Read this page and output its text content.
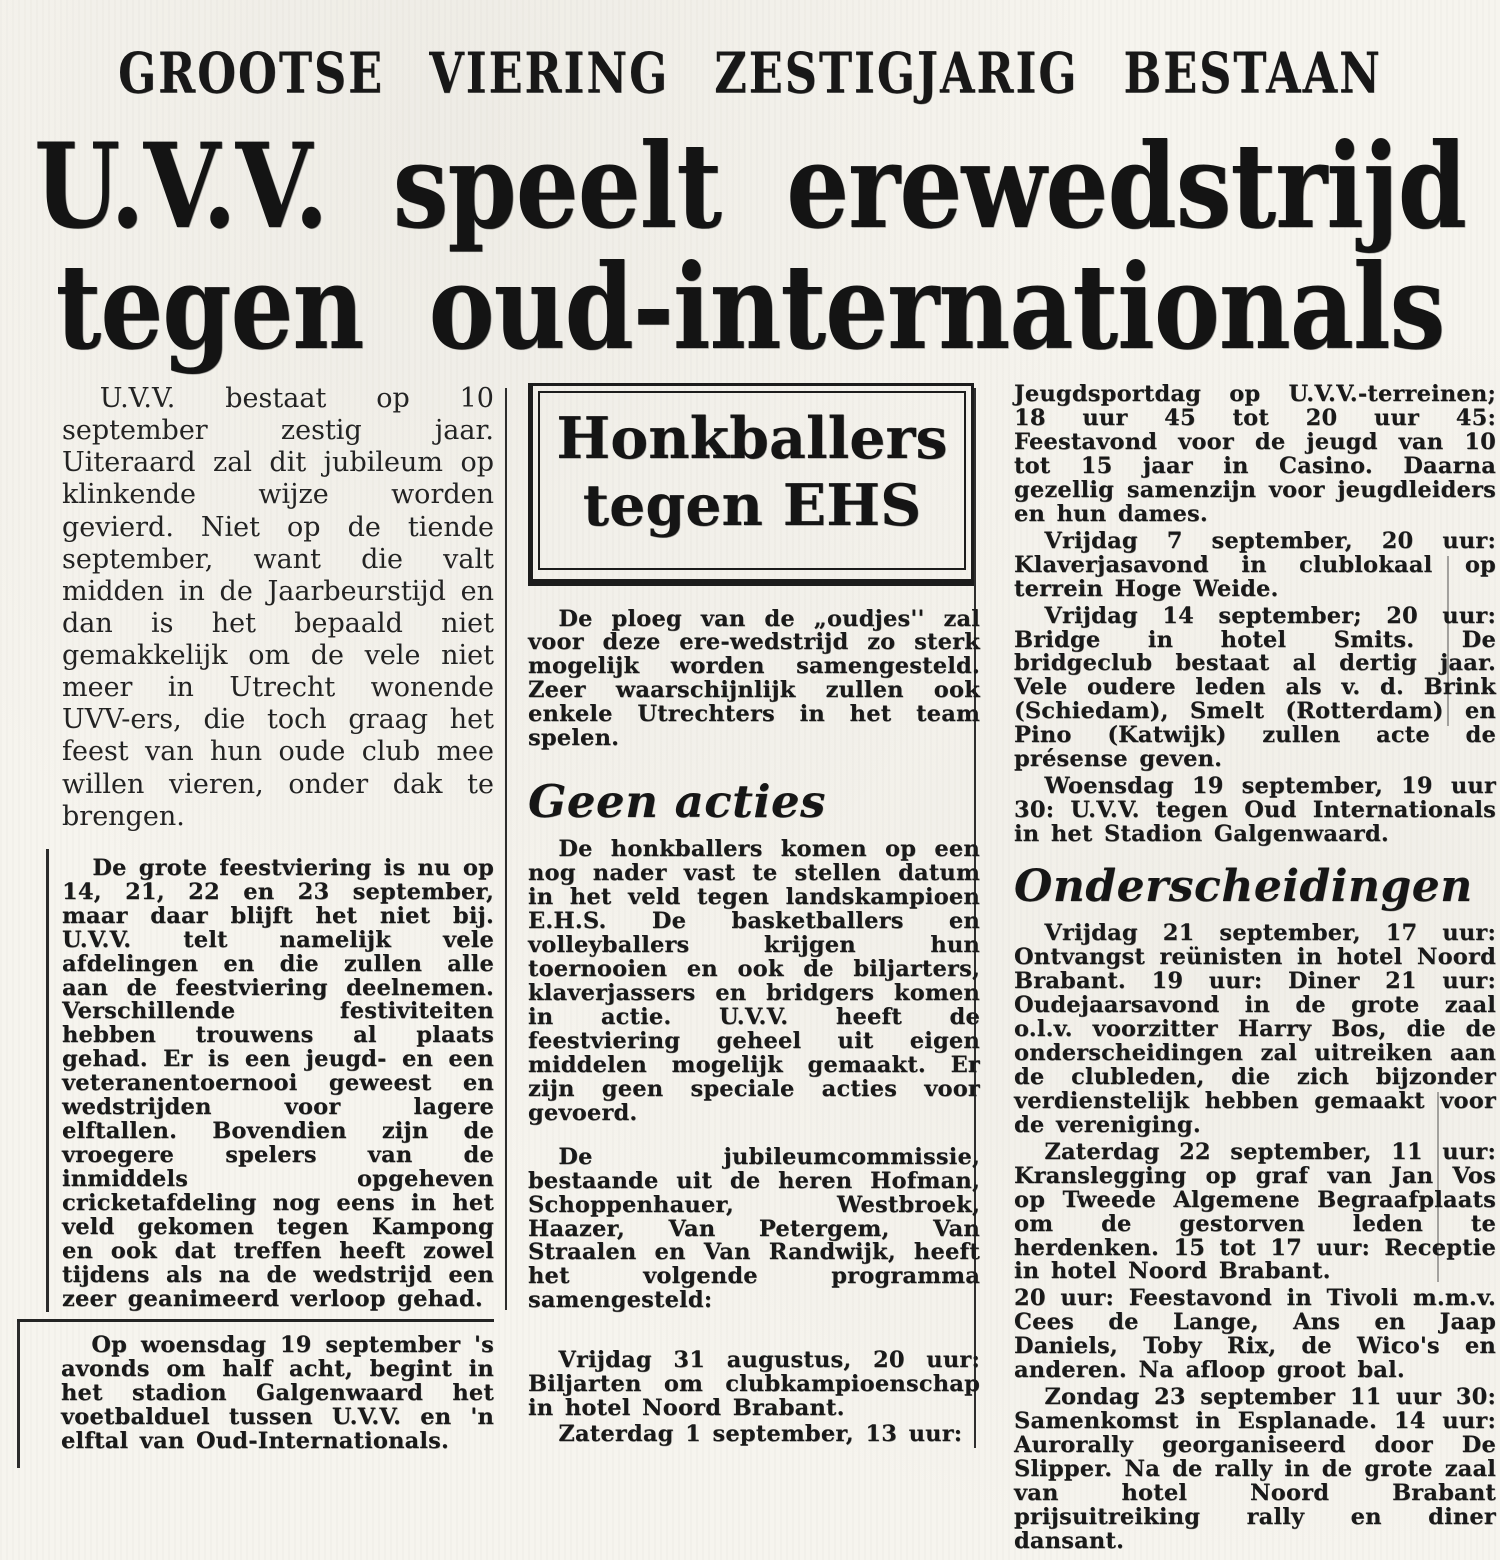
GROOTSE VIERING ZESTIGJARIG BESTAAN
U.V.V. speelt erewedstrijd
tegen oud-internationals

U.V.V. bestaat op 10 september zestig jaar. Uiteraard zal dit jubileum op klinkende wijze worden gevierd. Niet op de tiende september, want die valt midden in de Jaarbeurstijd en dan is het bepaald niet gemakkelijk om de vele niet meer in Utrecht wonende UVV-ers, die toch graag het feest van hun oude club mee willen vieren, onder dak te brengen.

De grote feestviering is nu op 14, 21, 22 en 23 september, maar daar blijft het niet bij. U.V.V. telt namelijk vele afdelingen en die zullen alle aan de feestviering deelnemen. Verschillende festiviteiten hebben trouwens al plaats gehad. Er is een jeugd- en een veteranentoernooi geweest en wedstrijden voor lagere elftallen. Bovendien zijn de vroegere spelers van de inmiddels opgeheven cricketafdeling nog eens in het veld gekomen tegen Kampong en ook dat treffen heeft zowel tijdens als na de wedstrijd een zeer geanimeerd verloop gehad.

Op woensdag 19 september 's avonds om half acht, begint in het stadion Galgenwaard het voetbalduel tussen U.V.V. en 'n elftal van Oud-Internationals.

Honkballers
tegen EHS

De ploeg van de „oudjes'' zal voor deze ere-wedstrijd zo sterk mogelijk worden samengesteld. Zeer waarschijnlijk zullen ook enkele Utrechters in het team spelen.

Geen acties

De honkballers komen op een nog nader vast te stellen datum in het veld tegen landskampioen E.H.S. De basketballers en volleyballers krijgen hun toernooien en ook de biljarters, klaverjassers en bridgers komen in actie. U.V.V. heeft de feestviering geheel uit eigen middelen mogelijk gemaakt. Er zijn geen speciale acties voor gevoerd.

De jubileumcommissie, bestaande uit de heren Hofman, Schoppenhauer, Westbroek, Haazer, Van Petergem, Van Straalen en Van Randwijk, heeft het volgende programma samengesteld:

Vrijdag 31 augustus, 20 uur: Biljarten om clubkampioenschap in hotel Noord Brabant.

Zaterdag 1 september, 13 uur:

Jeugdsportdag op U.V.V.-terreinen; 18 uur 45 tot 20 uur 45: Feestavond voor de jeugd van 10 tot 15 jaar in Casino. Daarna gezellig samenzijn voor jeugdleiders en hun dames.

Vrijdag 7 september, 20 uur: Klaverjasavond in clublokaal op terrein Hoge Weide.

Vrijdag 14 september; 20 uur: Bridge in hotel Smits. De bridgeclub bestaat al dertig jaar. Vele oudere leden als v. d. Brink (Schiedam), Smelt (Rotterdam) en Pino (Katwijk) zullen acte de présense geven.

Woensdag 19 september, 19 uur 30: U.V.V. tegen Oud Internationals in het Stadion Galgenwaard.

Onderscheidingen

Vrijdag 21 september, 17 uur: Ontvangst reünisten in hotel Noord Brabant. 19 uur: Diner 21 uur: Oudejaarsavond in de grote zaal o.l.v. voorzitter Harry Bos, die de onderscheidingen zal uitreiken aan de clubleden, die zich bijzonder verdienstelijk hebben gemaakt voor de vereniging.

Zaterdag 22 september, 11 uur: Kranslegging op graf van Jan Vos op Tweede Algemene Begraafplaats om de gestorven leden te herdenken. 15 tot 17 uur: Receptie in hotel Noord Brabant.

20 uur: Feestavond in Tivoli m.m.v. Cees de Lange, Ans en Jaap Daniels, Toby Rix, de Wico's en anderen. Na afloop groot bal.

Zondag 23 september 11 uur 30: Samenkomst in Esplanade. 14 uur: Aurorally georganiseerd door De Slipper. Na de rally in de grote zaal van hotel Noord Brabant prijsuitreiking rally en diner dansant.
